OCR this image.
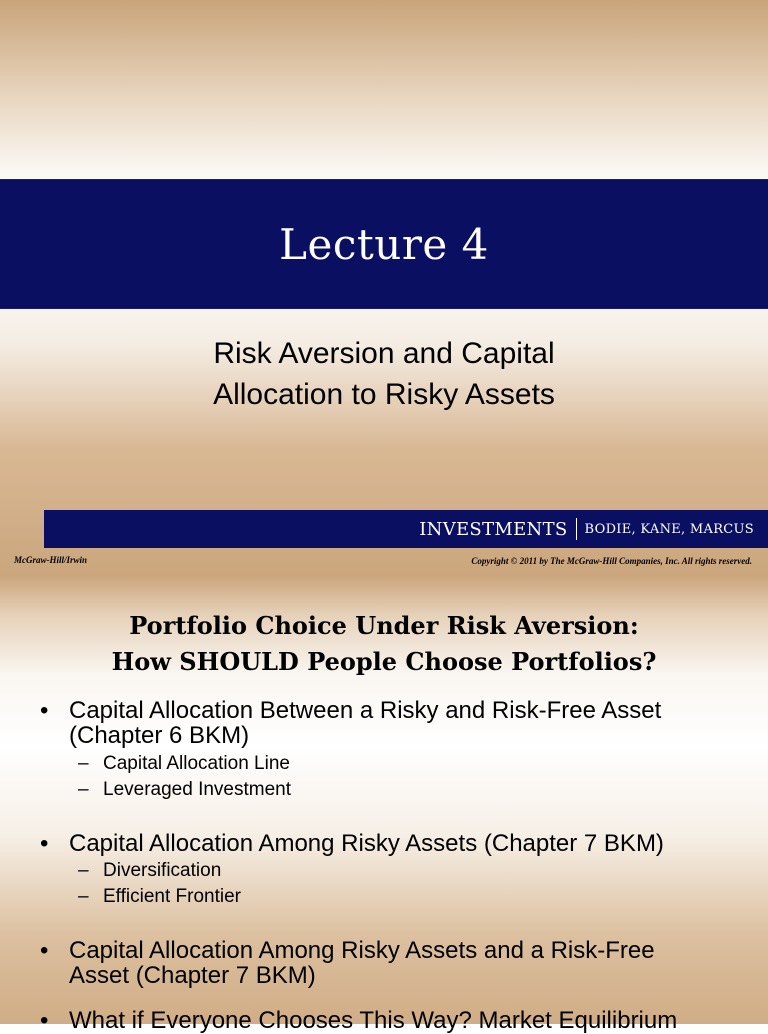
Lecture 4
Risk Aversion and Capital
Allocation to Risky Assets
INVESTMENTS BODIE, KANE, MARCUS
McGraw-Hill/Irwin	Copyright © 2011 by The McGraw-Hill Companies, Inc. All rights reserved.
Portfolio Choice Under Risk Aversion:
How SHOULD People Choose Portfolios?
• Capital Allocation Between a Risky and Risk-Free Asset
(Chapter 6 BKM)
– Capital Allocation Line
– Leveraged Investment
• Capital Allocation Among Risky Assets (Chapter 7 BKM)
– Diversification
– Efficient Frontier
• Capital Allocation Among Risky Assets and a Risk-Free
Asset (Chapter 7 BKM)
• What if Everyone Chooses This Way? Market Equilibrium
